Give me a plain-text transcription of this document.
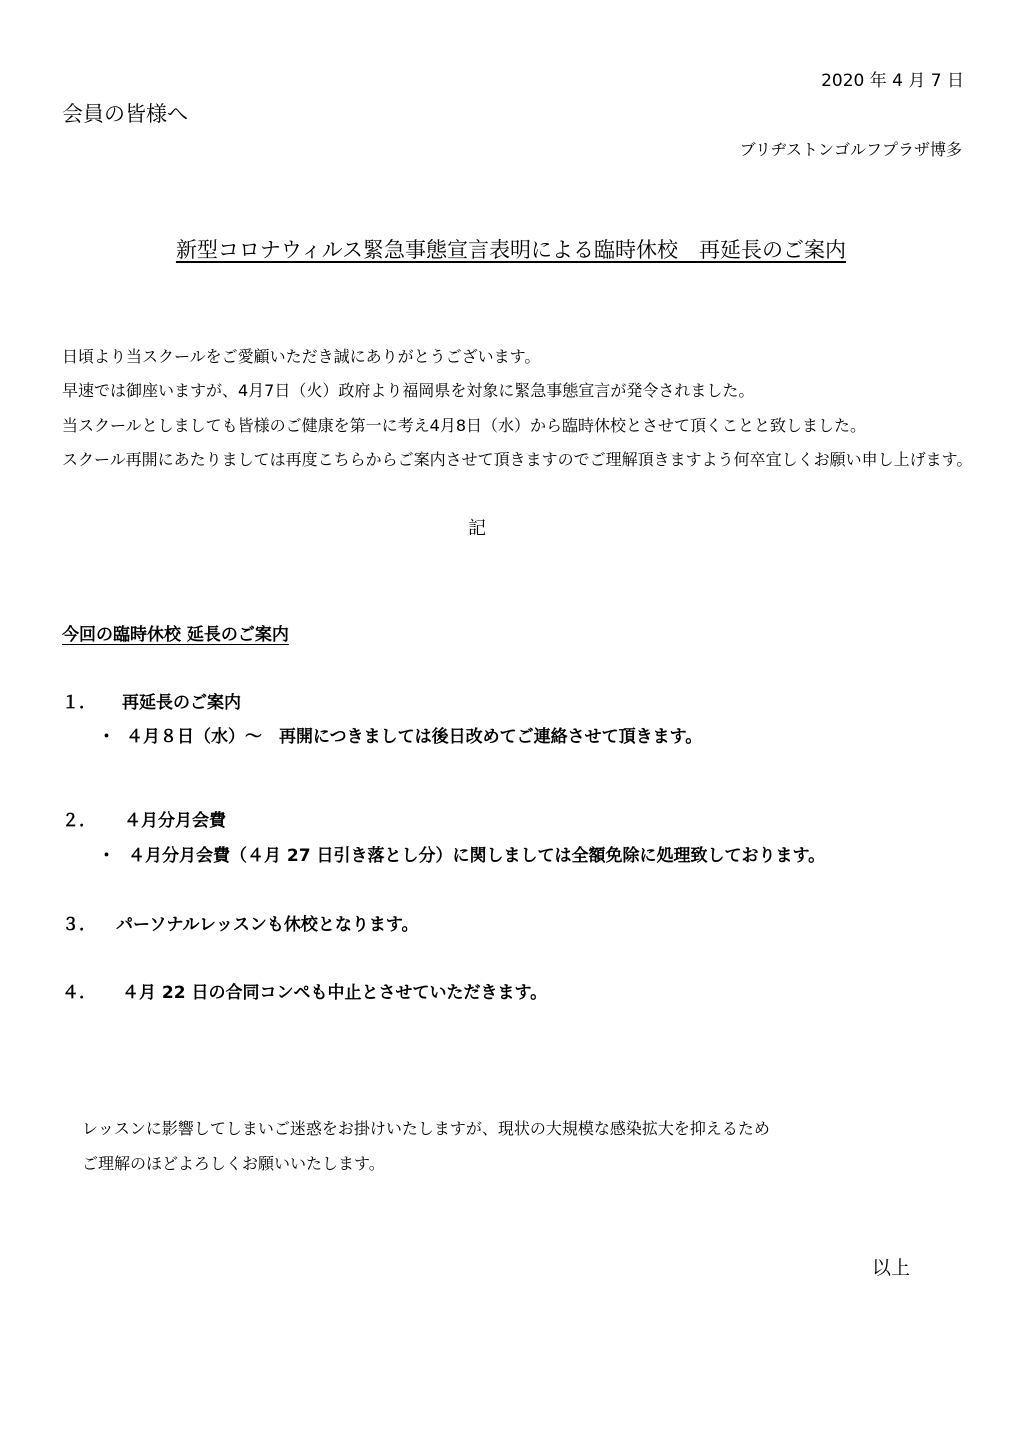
2020 年 4 月 7 日
会員の皆様へ
ブリヂストンゴルフプラザ博多
新型コロナウィルス緊急事態宣言表明による臨時休校　再延長のご案内
日頃より当スクールをご愛顧いただき誠にありがとうございます。
早速では御座いますが、4月7日（火）政府より福岡県を対象に緊急事態宣言が発令されました。
当スクールとしましても皆様のご健康を第一に考え4月8日（水）から臨時休校とさせて頂くことと致しました。
スクール再開にあたりましては再度こちらからご案内させて頂きますのでご理解頂きますよう何卒宜しくお願い申し上げます。
記
今回の臨時休校 延長のご案内
１． 再延長のご案内
・ ４月８日（水）～　再開につきましては後日改めてご連絡させて頂きます。
２． ４月分月会費
・ ４月分月会費（４月 27 日引き落とし分）に関しましては全額免除に処理致しております。
３． パーソナルレッスンも休校となります。
４． ４月 22 日の合同コンペも中止とさせていただきます。
レッスンに影響してしまいご迷惑をお掛けいたしますが、現状の大規模な感染拡大を抑えるため
ご理解のほどよろしくお願いいたします。
以上
